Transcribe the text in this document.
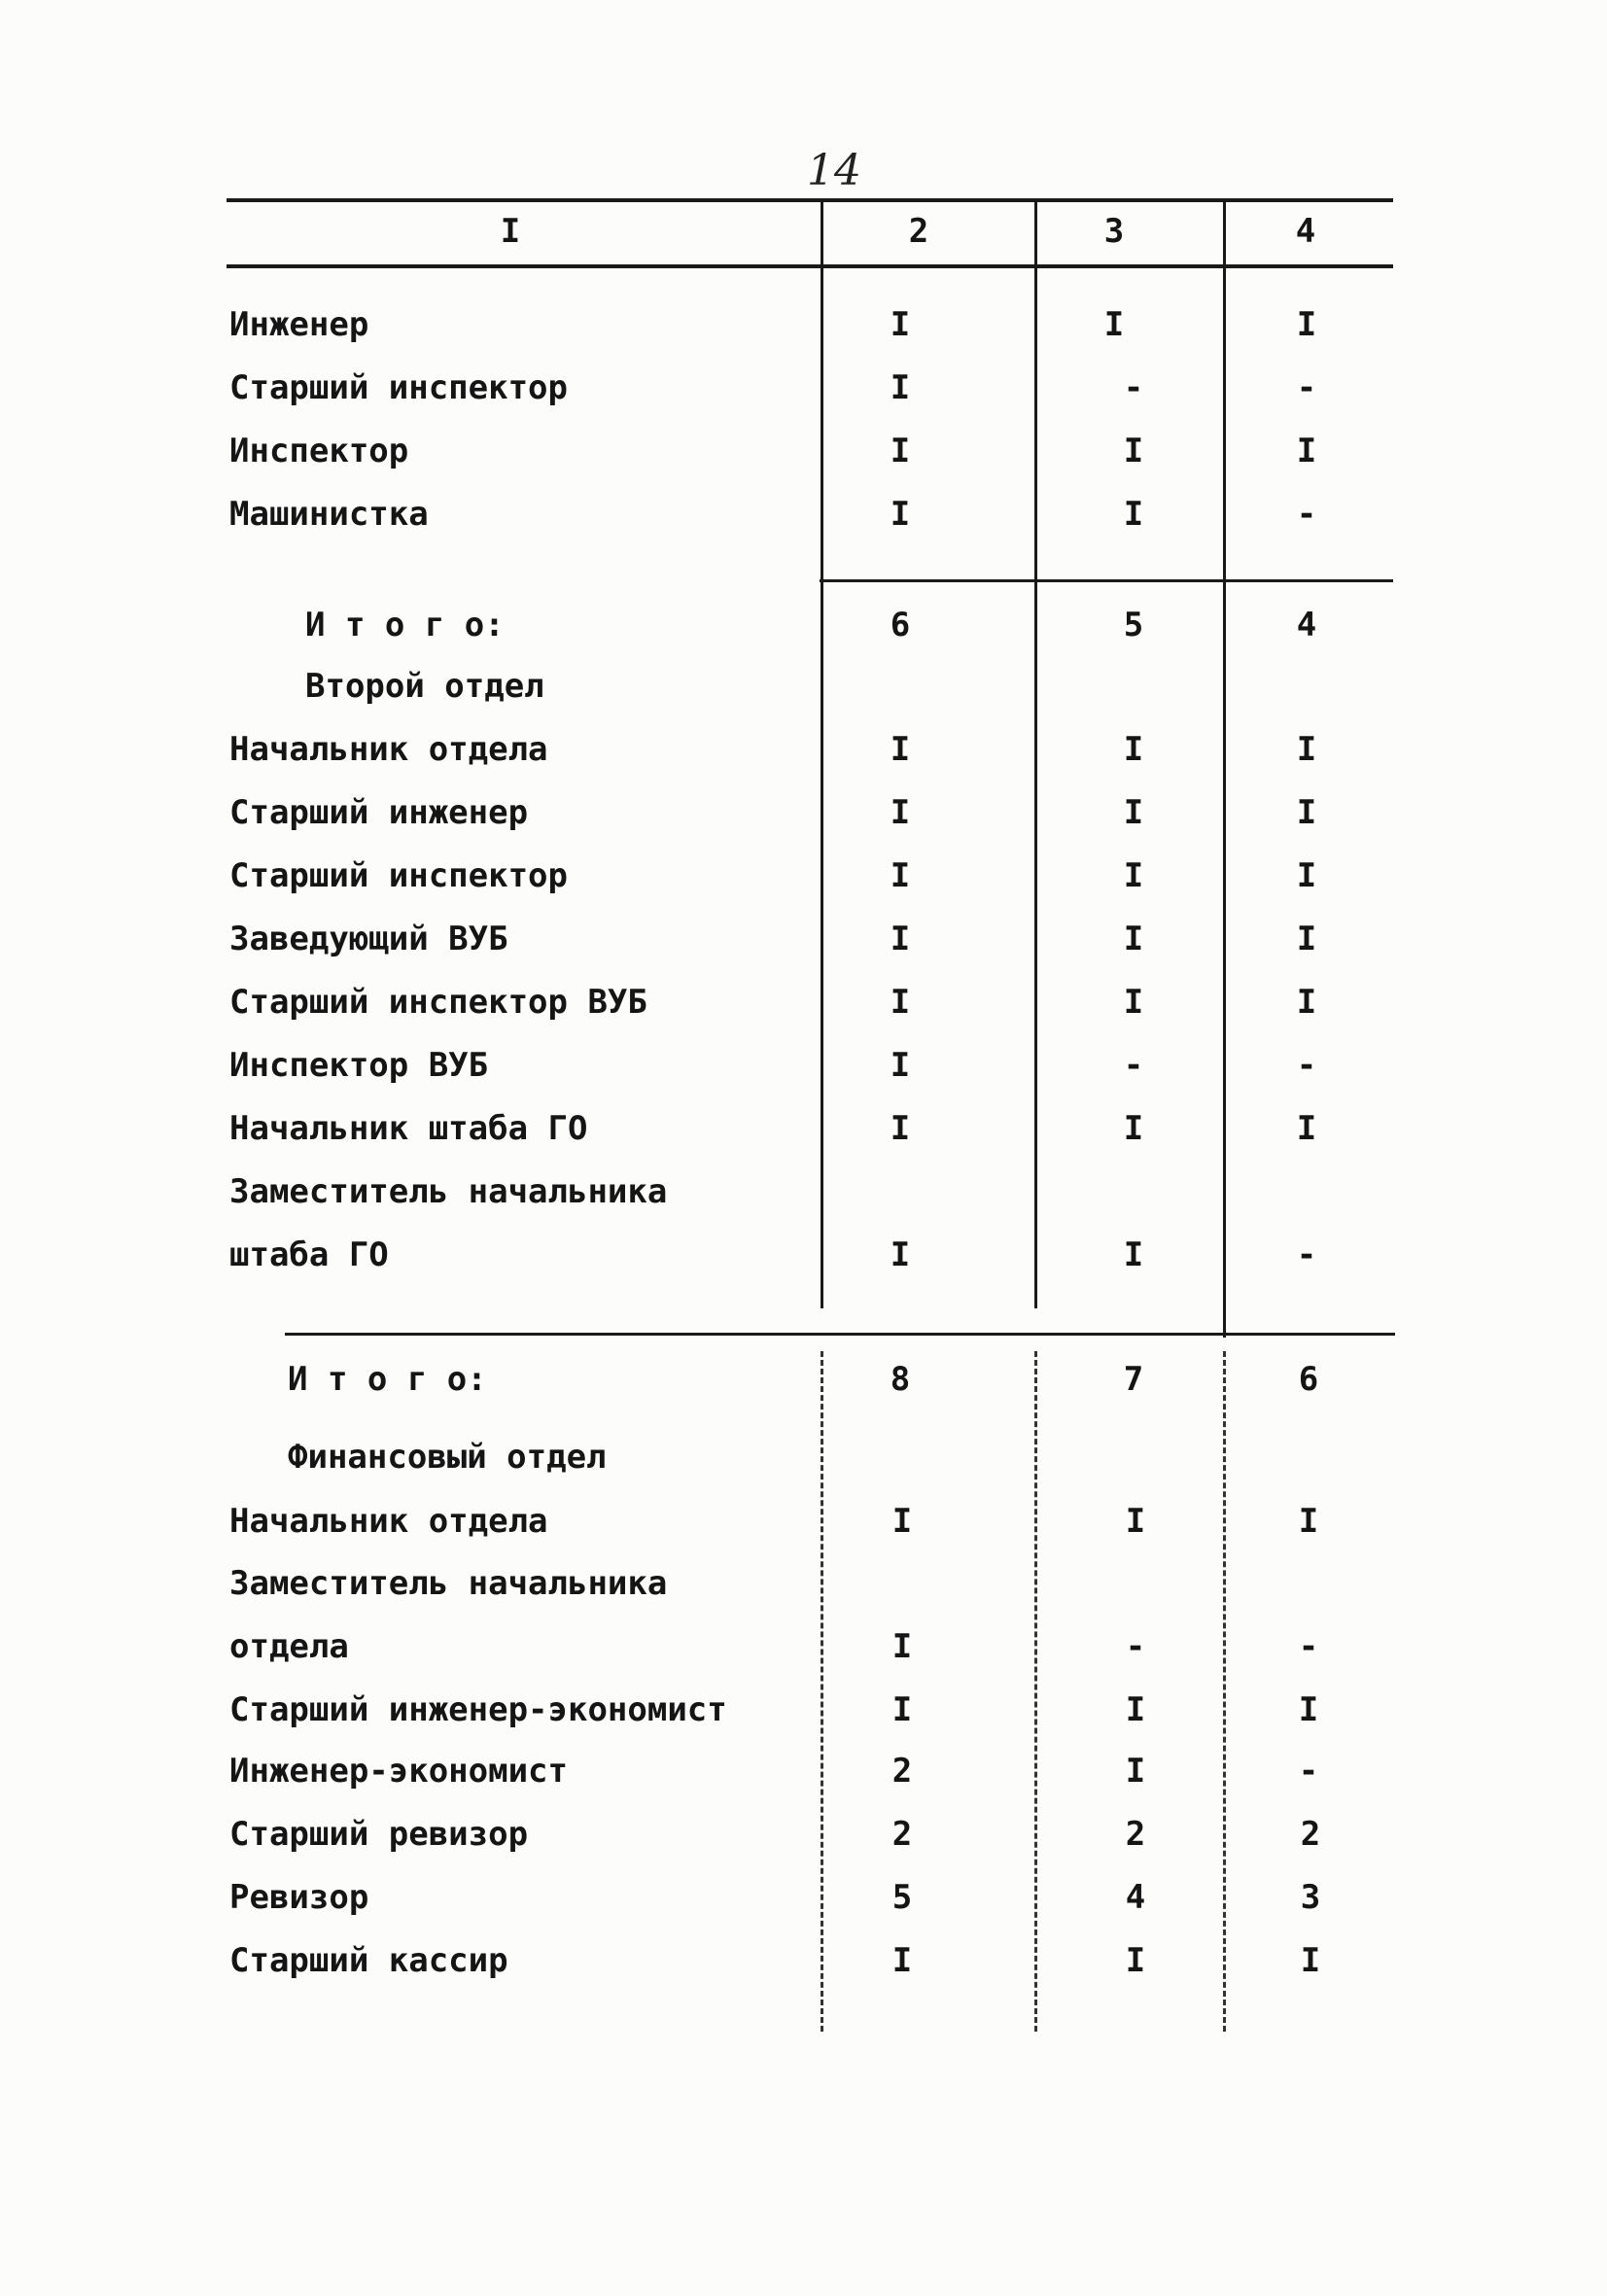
14
I	2	3	4
Инженер	I	I	I
Старший инспектор	I	-	-
Инспектор	I	I	I
Машинистка	I	I	-
И т о г о:	6	5	4
Второй отдел
Начальник отдела	I	I	I
Старший инженер	I	I	I
Старший инспектор	I	I	I
Заведующий ВУБ	I	I	I
Старший инспектор ВУБ	I	I	I
Инспектор ВУБ	I	-	-
Начальник штаба ГО	I	I	I
Заместитель начальника
штаба ГО	I	I	-
И т о г о:	8	7	6
Финансовый отдел
Начальник отдела	I	I	I
Заместитель начальника
отдела	I	-	-
Старший инженер-экономист	I	I	I
Инженер-экономист	2	I	-
Старший ревизор	2	2	2
Ревизор	5	4	3
Старший кассир	I	I	I
